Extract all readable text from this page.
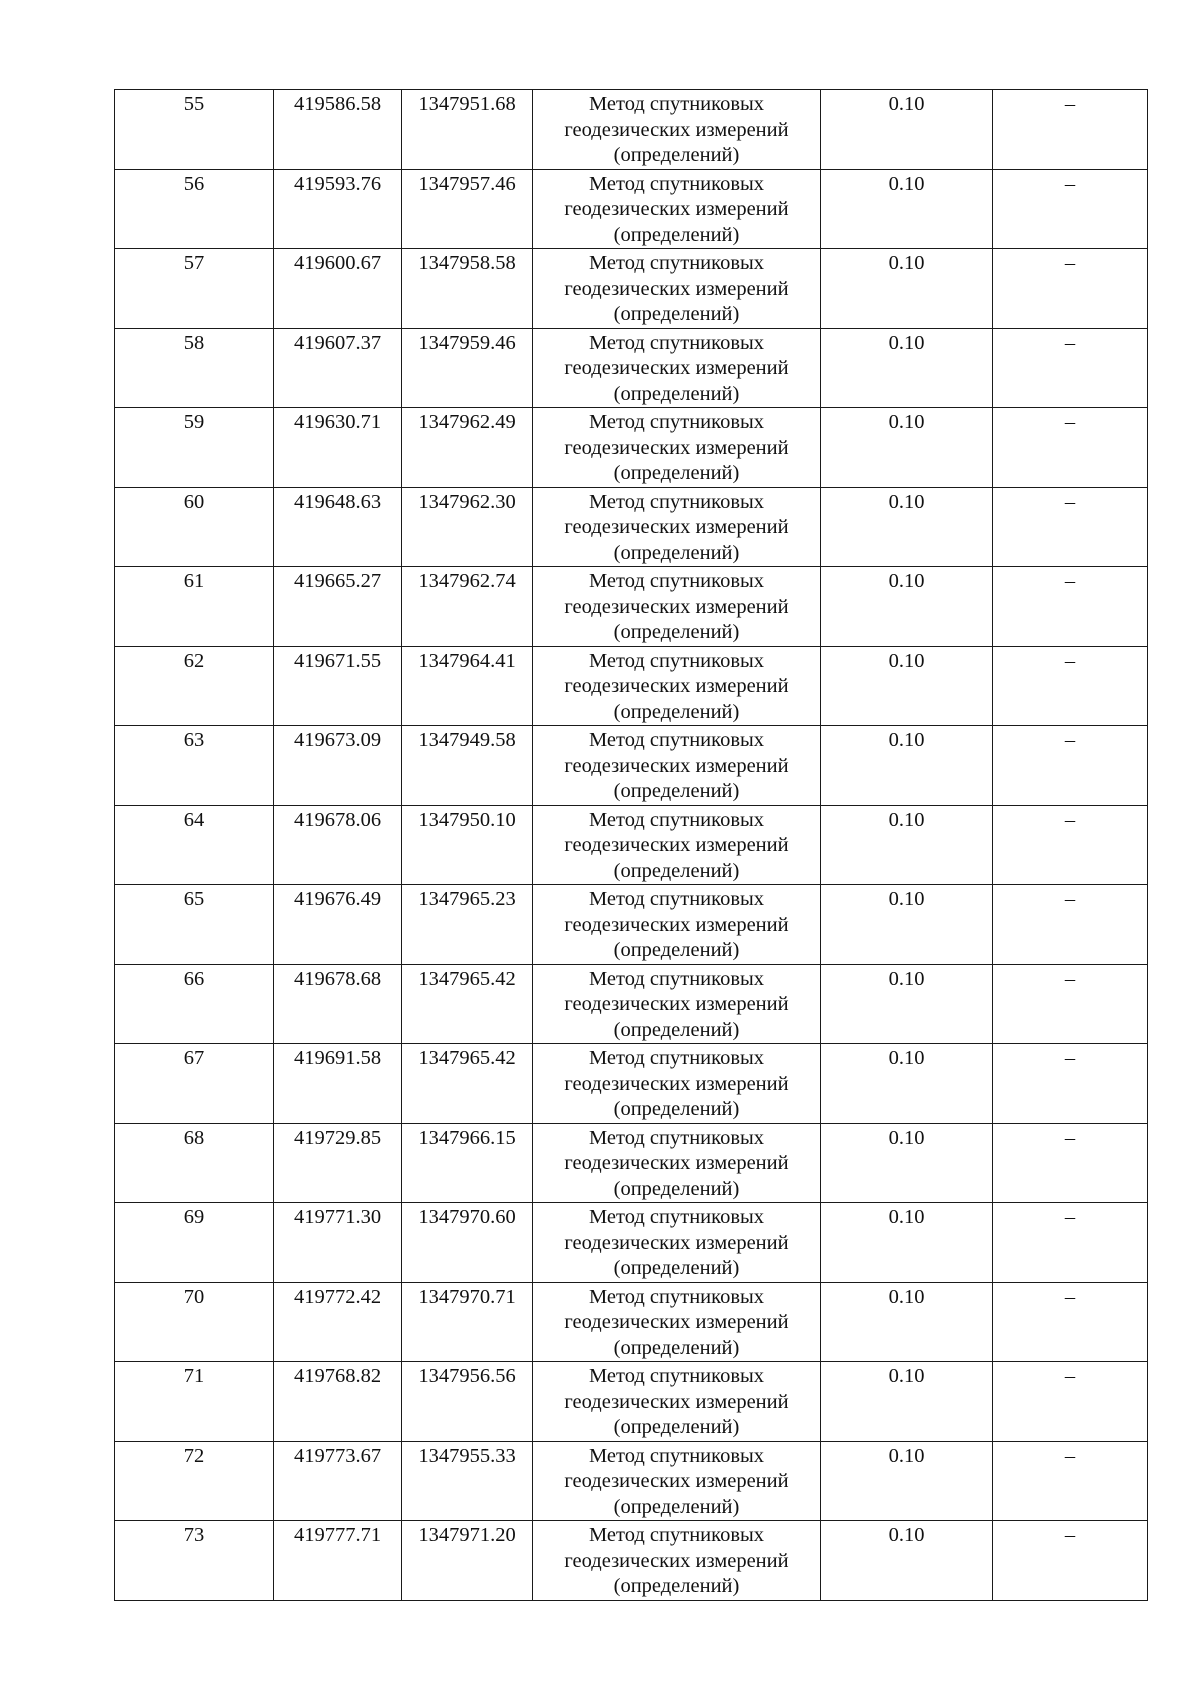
55	419586.58	1347951.68	Метод спутниковых
геодезических измерений
(определений)	0.10	–
56	419593.76	1347957.46	Метод спутниковых
геодезических измерений
(определений)	0.10	–
57	419600.67	1347958.58	Метод спутниковых
геодезических измерений
(определений)	0.10	–
58	419607.37	1347959.46	Метод спутниковых
геодезических измерений
(определений)	0.10	–
59	419630.71	1347962.49	Метод спутниковых
геодезических измерений
(определений)	0.10	–
60	419648.63	1347962.30	Метод спутниковых
геодезических измерений
(определений)	0.10	–
61	419665.27	1347962.74	Метод спутниковых
геодезических измерений
(определений)	0.10	–
62	419671.55	1347964.41	Метод спутниковых
геодезических измерений
(определений)	0.10	–
63	419673.09	1347949.58	Метод спутниковых
геодезических измерений
(определений)	0.10	–
64	419678.06	1347950.10	Метод спутниковых
геодезических измерений
(определений)	0.10	–
65	419676.49	1347965.23	Метод спутниковых
геодезических измерений
(определений)	0.10	–
66	419678.68	1347965.42	Метод спутниковых
геодезических измерений
(определений)	0.10	–
67	419691.58	1347965.42	Метод спутниковых
геодезических измерений
(определений)	0.10	–
68	419729.85	1347966.15	Метод спутниковых
геодезических измерений
(определений)	0.10	–
69	419771.30	1347970.60	Метод спутниковых
геодезических измерений
(определений)	0.10	–
70	419772.42	1347970.71	Метод спутниковых
геодезических измерений
(определений)	0.10	–
71	419768.82	1347956.56	Метод спутниковых
геодезических измерений
(определений)	0.10	–
72	419773.67	1347955.33	Метод спутниковых
геодезических измерений
(определений)	0.10	–
73	419777.71	1347971.20	Метод спутниковых
геодезических измерений
(определений)	0.10	–
